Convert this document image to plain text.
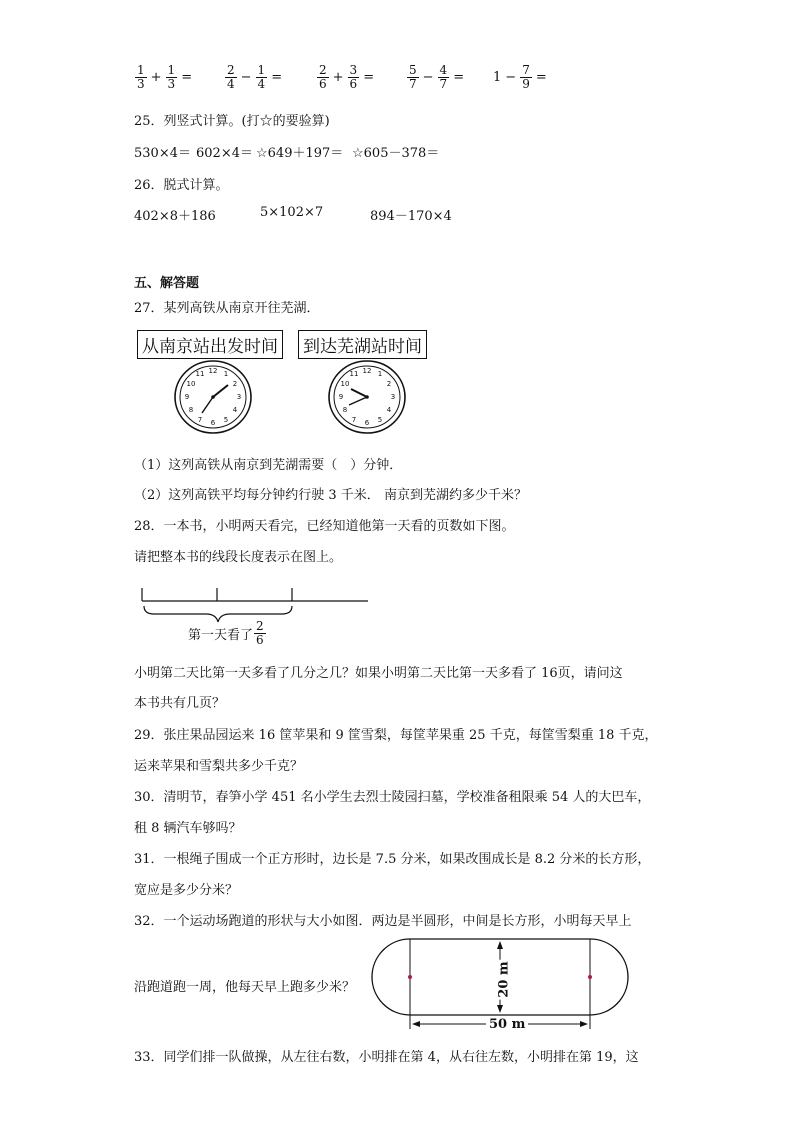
$\frac{1}{3} + \frac{1}{3}$ =	$\frac{2}{4} - \frac{1}{4}$ =	$\frac{2}{6} + \frac{3}{6}$ =	$\frac{5}{7} - \frac{4}{7} = 1 - \frac{7}{9}$ =
25．列竖式计算。(打☆的要验算)
530×4＝ 602×4＝ ☆649＋197＝ ☆605－378＝
26．脱式计算。
402×8＋186	5×102×7	894－170×4
五、解答题
27．某列高铁从南京开往芜湖．
从南京站出发时间 到达芜湖站时间
12 1
2
3
4
5
6
7
8
9
10
11	12 1
2
3
4
5
6
7
8
9
10
11
（1）这列高铁从南京到芜湖需要（　）分钟．
（2）这列高铁平均每分钟约行驶 3 千米． 南京到芜湖约多少千米？
28．一本书，小明两天看完，已经知道他第一天看的页数如下图。
请把整本书的线段长度表示在图上。
第一天看了 $\frac{2}{6}$
小明第二天比第一天多看了几分之几？如果小明第二天比第一天多看了 16页，请问这
本书共有几页？
29．张庄果品园运来 16 筐苹果和 9 筐雪梨，每筐苹果重 25 千克，每筐雪梨重 18 千克，
运来苹果和雪梨共多少千克？
30．清明节，春笋小学 451 名小学生去烈士陵园扫墓，学校准备租限乘 54 人的大巴车，
租 8 辆汽车够吗？
31．一根绳子围成一个正方形时，边长是 7.5 分米，如果改围成长是 8.2 分米的长方形，
宽应是多少分米？
32．一个运动场跑道的形状与大小如图．两边是半圆形，中间是长方形，小明每天早上
沿跑道跑一周，他每天早上跑多少米？	20 m
50 m
33．同学们排一队做操，从左往右数，小明排在第 4，从右往左数，小明排在第 19，这
